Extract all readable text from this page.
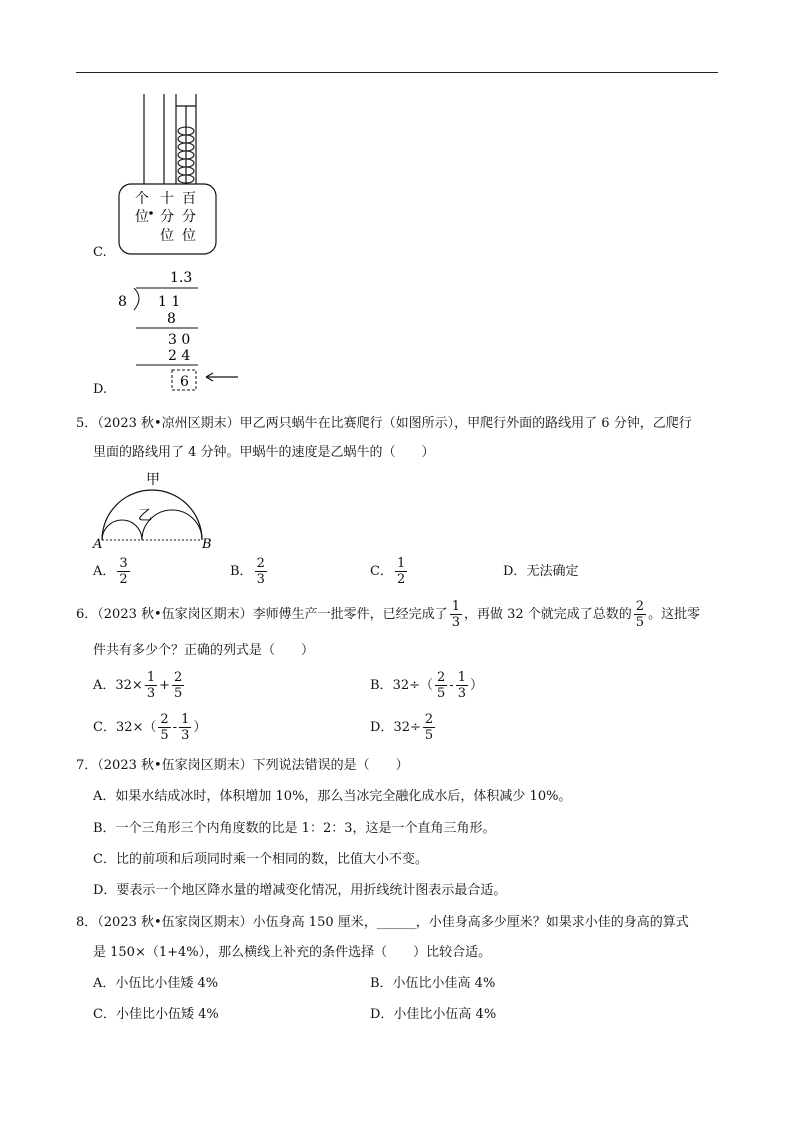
个
位
十
分
位
百
分
位
C.
1.3
8 1 1
8
3 0
2 4
6
D.
5．（2023 秋•凉州区期末）甲乙两只蜗牛在比赛爬行（如图所示），甲爬行外面的路线用了 6 分钟，乙爬行
里面的路线用了 4 分钟。甲蜗牛的速度是乙蜗牛的（　　）
甲
乙
A	B
A． $\frac{3}{2}$	B． $\frac{2}{3}$	C． $\frac{1}{2}$	D．无法确定
6．（2023 秋•伍家岗区期末）李师傅生产一批零件，已经完成了 $\frac{1}{3}$ ，再做 32 个就完成了总数的 $\frac{2}{5}$ 。这批零
件共有多少个？正确的列式是（　　）
A．$32\times \frac{1}{3} + \frac{2}{5}$	B．$32\div( \frac{2}{5} - \frac{1}{3}$ ）
C．$32\times( \frac{2}{5} - \frac{1}{3}$ ）	D．$32\div \frac{2}{5}$
7．（2023 秋•伍家岗区期末）下列说法错误的是（　　）
A．如果水结成冰时，体积增加 10%，那么当冰完全融化成水后，体积减少 10%。
B．一个三角形三个内角度数的比是 1：2：3，这是一个直角三角形。
C．比的前项和后项同时乘一个相同的数，比值大小不变。
D．要表示一个地区降水量的增减变化情况，用折线统计图表示最合适。
8．（2023 秋•伍家岗区期末）小伍身高 150 厘米，______，小佳身高多少厘米？如果求小佳的身高的算式
是 150×（1+4%），那么横线上补充的条件选择（　　）比较合适。
A．小伍比小佳矮 4%	B．小伍比小佳高 4%
C．小佳比小伍矮 4%	D．小佳比小伍高 4%
